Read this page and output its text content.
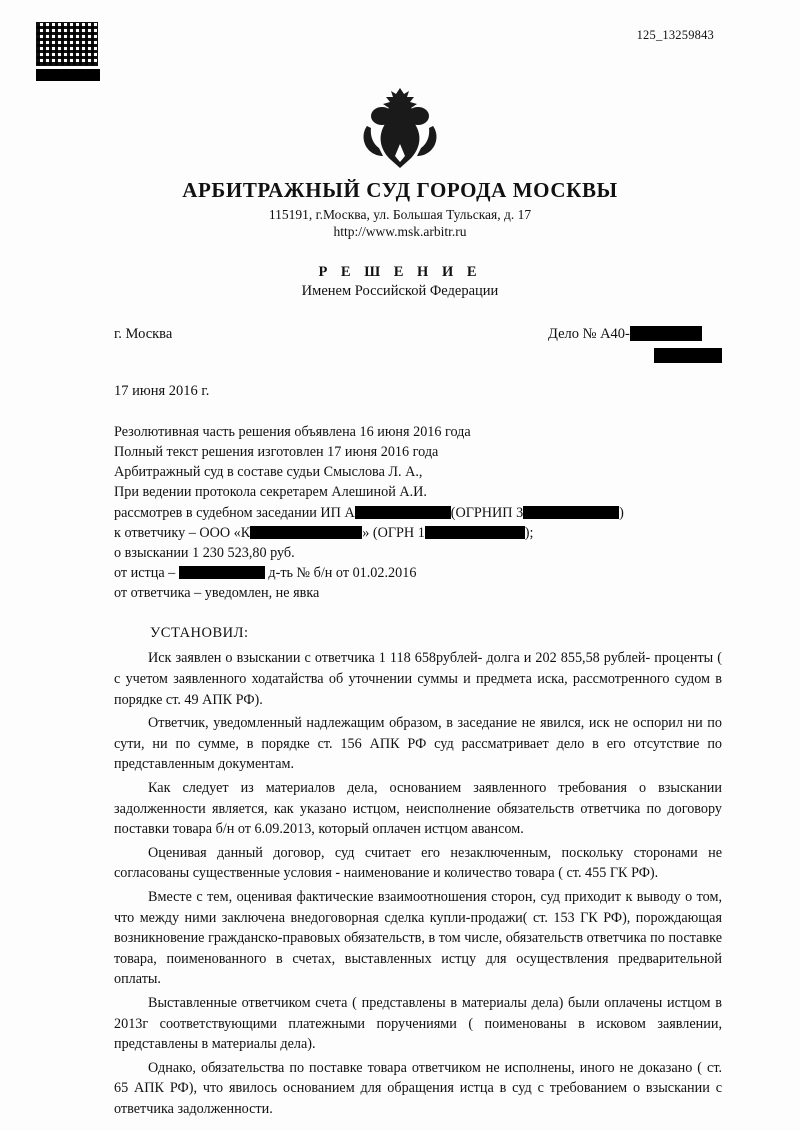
125_13259843
АРБИТРАЖНЫЙ СУД ГОРОДА МОСКВЫ
115191, г.Москва, ул. Большая Тульская, д. 17
http://www.msk.arbitr.ru
Р Е Ш Е Н И Е
Именем Российской Федерации
г. Москва	Дело № А40-
17 июня 2016 г.
Резолютивная часть решения объявлена 16 июня 2016 года
Полный текст решения изготовлен 17 июня 2016 года
Арбитражный суд в составе судьи Смыслова Л. А.,
При ведении протокола секретарем Алешиной А.И.
рассмотрев в судебном заседании ИП А	(ОГРНИП 3	)
к ответчику – ООО «К	» (ОГРН 1	);
о взыскании 1 230 523,80 руб.
от истца –	д-ть № б/н от 01.02.2016
от ответчика – уведомлен, не явка
УСТАНОВИЛ:
Иск заявлен о взыскании с ответчика 1 118 658рублей- долга и 202 855,58 рублей- проценты ( с учетом заявленного ходатайства об уточнении суммы и предмета иска, рассмотренного судом в порядке ст. 49 АПК РФ).
Ответчик, уведомленный надлежащим образом, в заседание не явился, иск не оспорил ни по сути, ни по сумме, в порядке ст. 156 АПК РФ суд рассматривает дело в его отсутствие по представленным документам.
Как следует из материалов дела, основанием заявленного требования о взыскании задолженности является, как указано истцом, неисполнение обязательств ответчика по договору поставки товара б/н от 6.09.2013, который оплачен истцом авансом.
Оценивая данный договор, суд считает его незаключенным, поскольку сторонами не согласованы существенные условия - наименование и количество товара ( ст. 455 ГК РФ).
Вместе с тем, оценивая фактические взаимоотношения сторон, суд приходит к выводу о том, что между ними заключена внедоговорная сделка купли-продажи( ст. 153 ГК РФ), порождающая возникновение гражданско-правовых обязательств, в том числе, обязательств ответчика по поставке товара, поименованного в счетах, выставленных истцу для осуществления предварительной оплаты.
Выставленные ответчиком счета ( представлены в материалы дела) были оплачены истцом в 2013г соответствующими платежными поручениями ( поименованы в исковом заявлении, представлены в материалы дела).
Однако, обязательства по поставке товара ответчиком не исполнены, иного не доказано ( ст. 65 АПК РФ), что явилось основанием для обращения истца в суд с требованием о взыскании с ответчика задолженности.
